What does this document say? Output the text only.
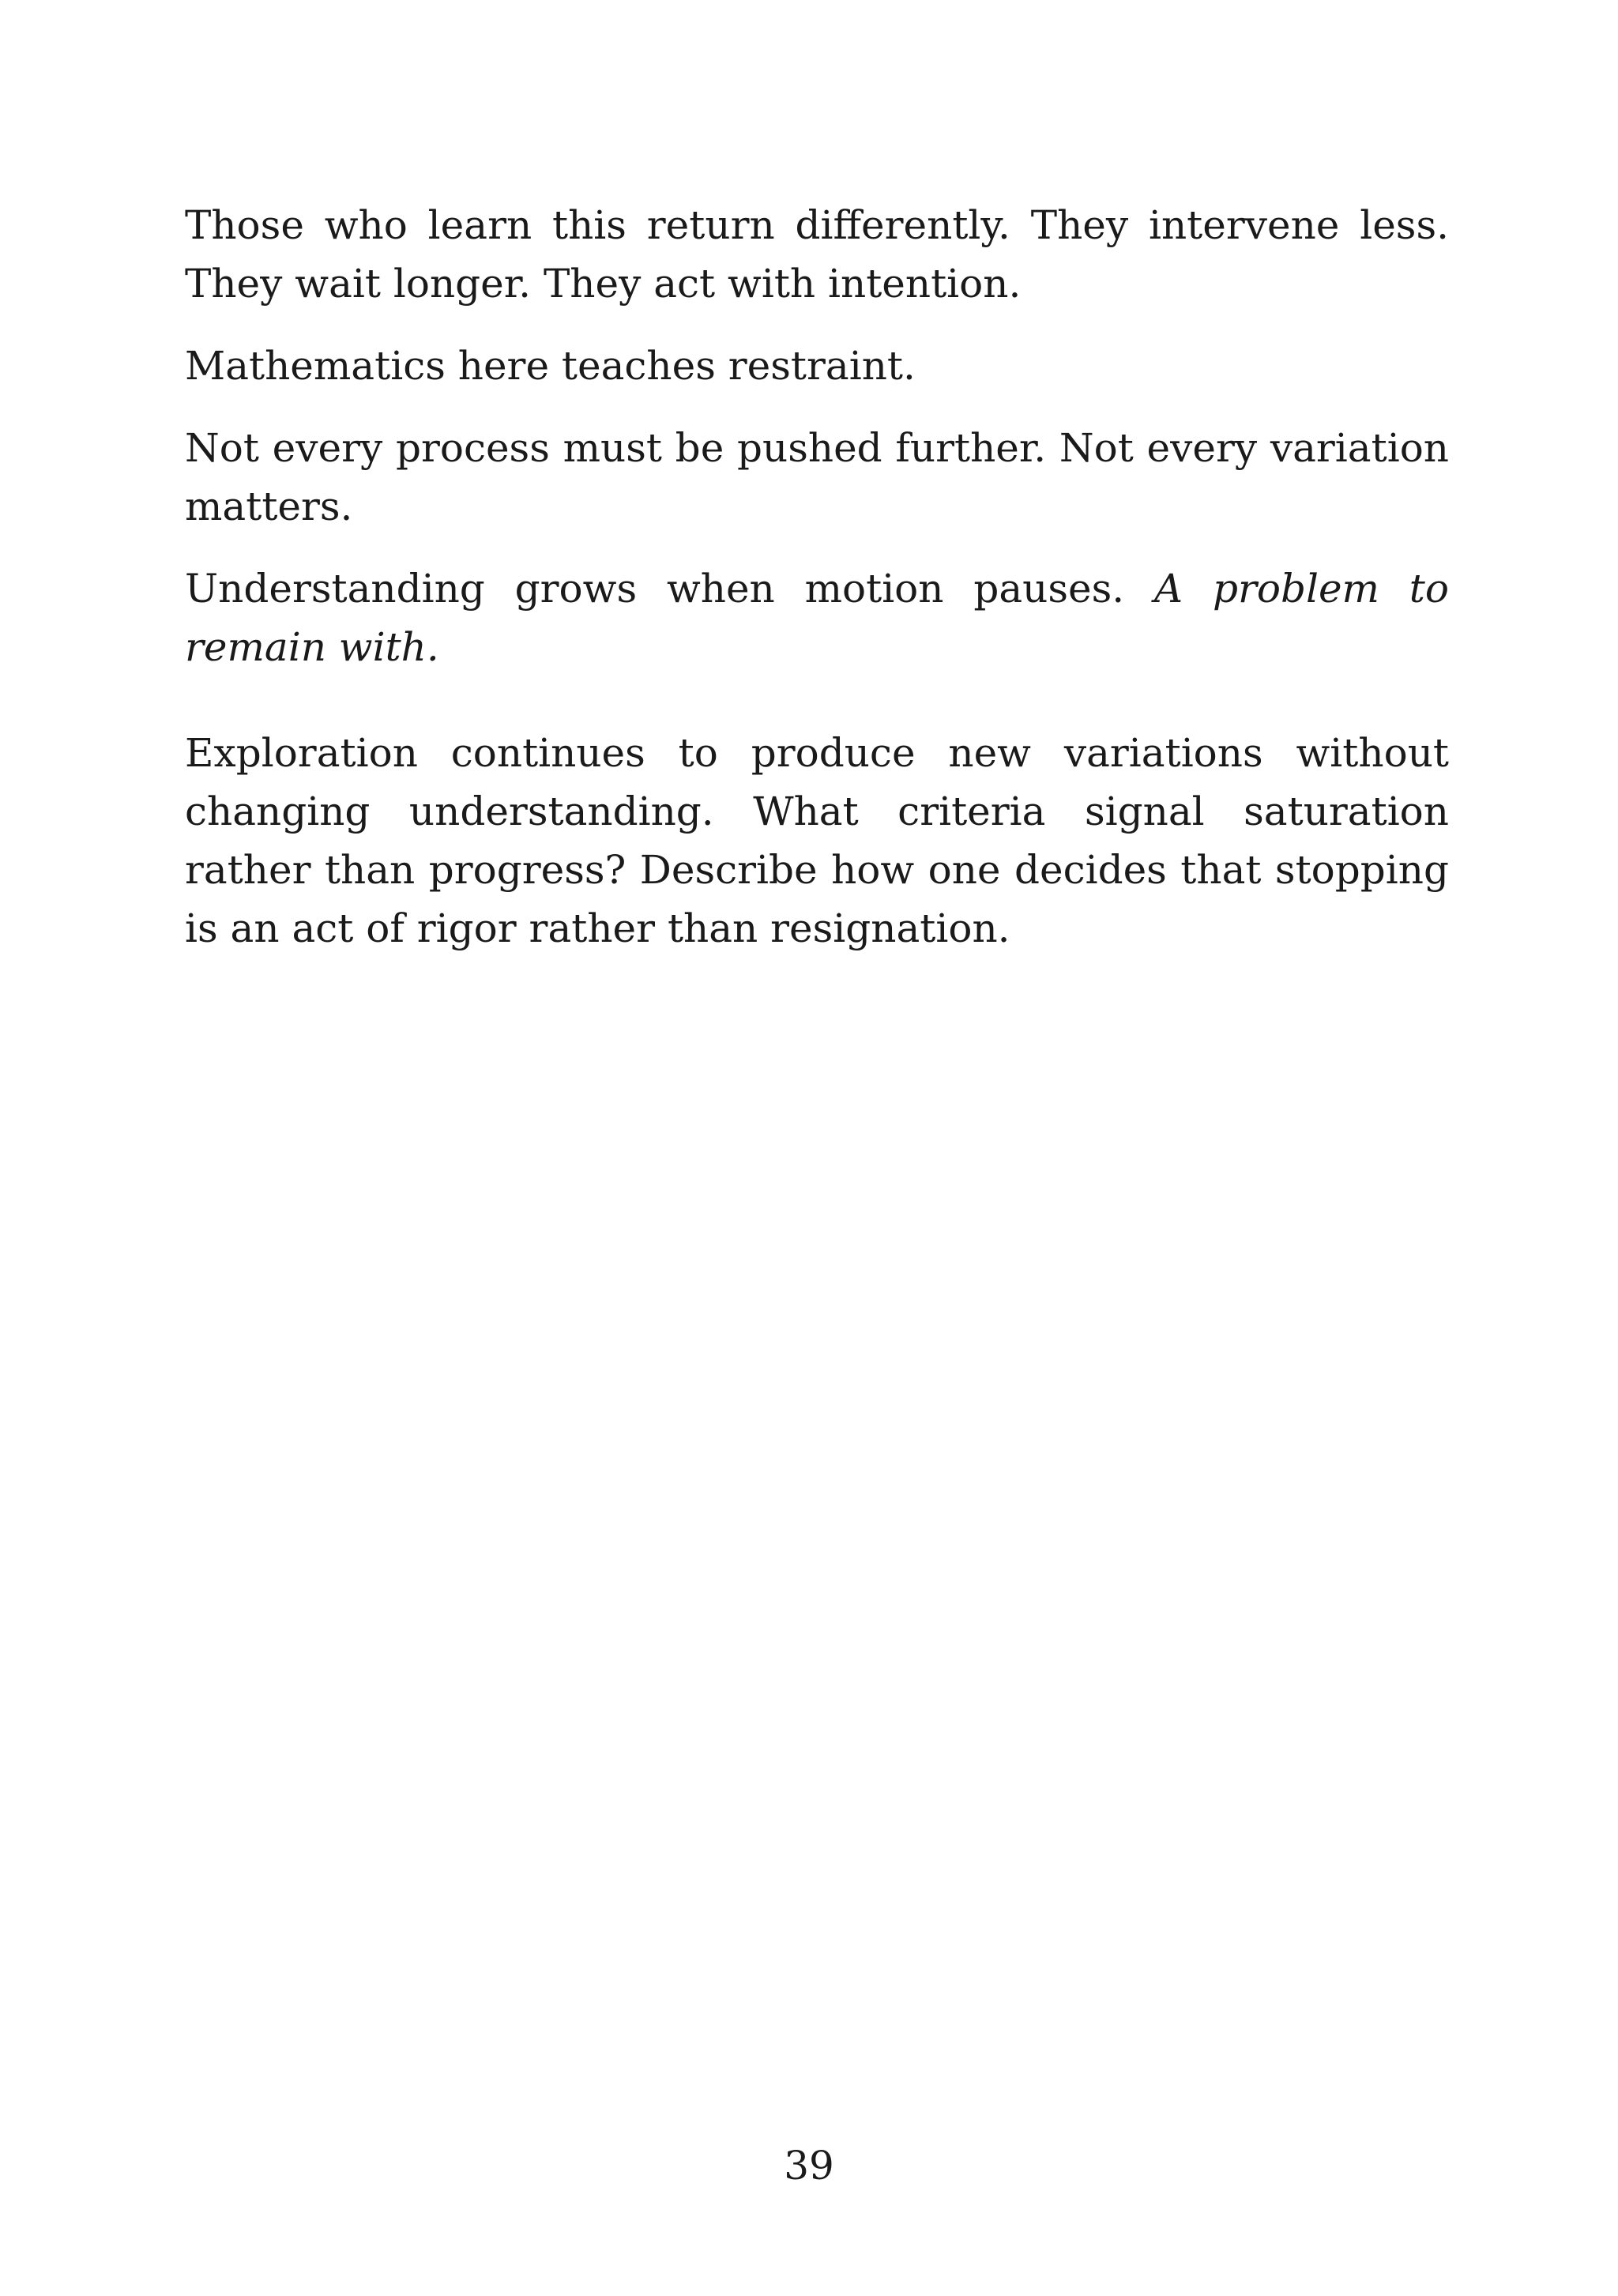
Those who learn this return differently. They intervene less. They wait longer. They act with intention.

Mathematics here teaches restraint.

Not every process must be pushed further. Not every variation matters.

Understanding grows when motion pauses. A problem to remain with.

Exploration continues to produce new variations without changing understanding. What criteria signal saturation rather than progress? Describe how one decides that stopping is an act of rigor rather than resignation.

39
